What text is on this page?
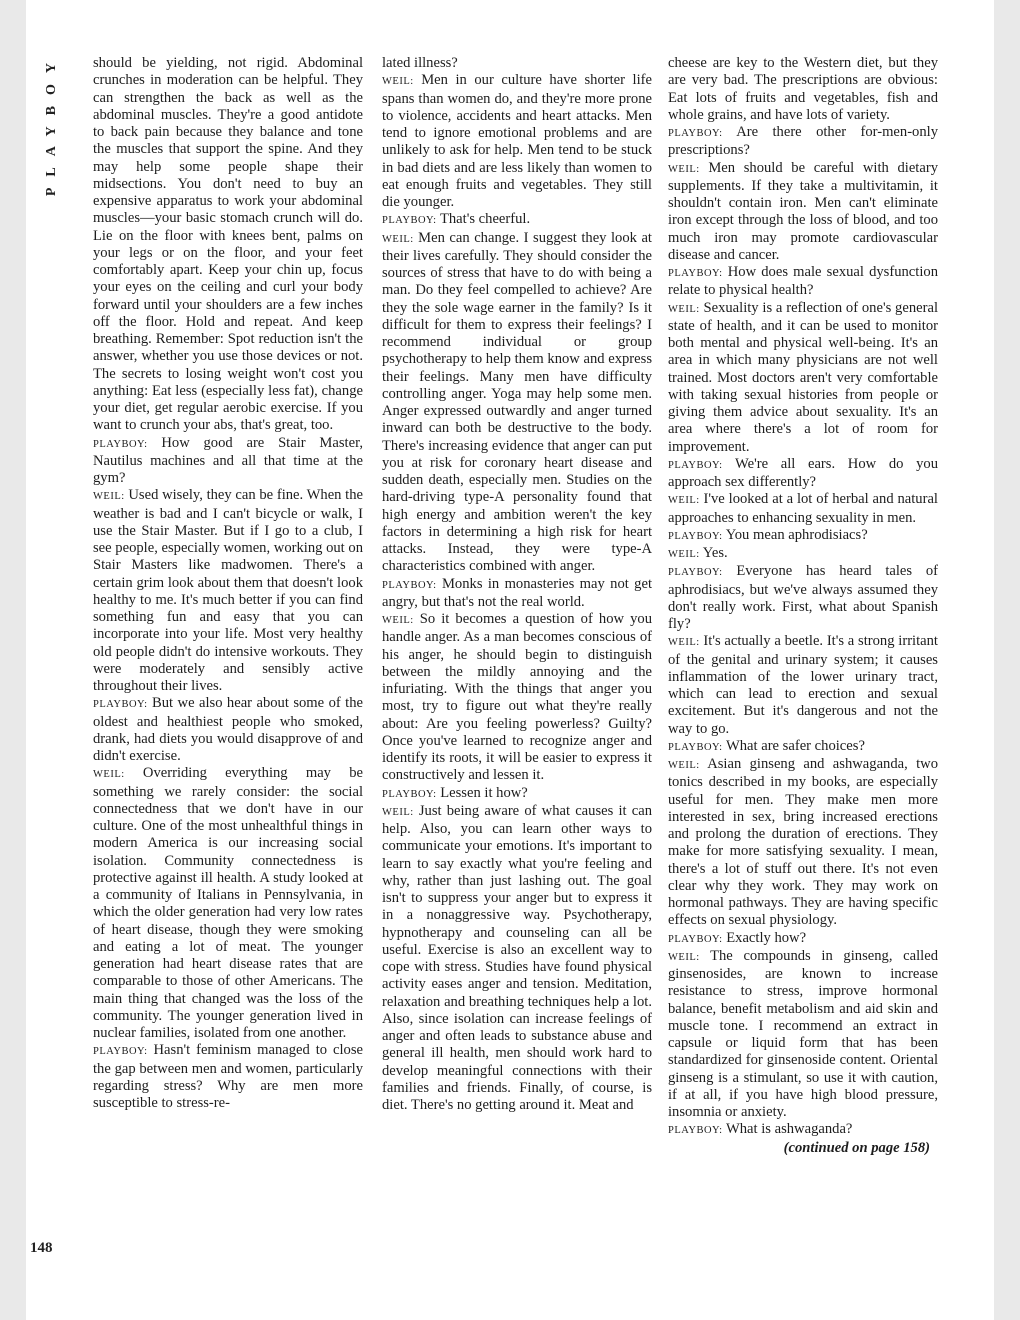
PLAYBOY
148

should be yielding, not rigid. Abdominal crunches in moderation can be helpful. They can strengthen the back as well as the abdominal muscles. They're a good antidote to back pain because they balance and tone the muscles that support the spine. And they may help some people shape their midsections. You don't need to buy an expensive apparatus to work your abdominal muscles—your basic stomach crunch will do. Lie on the floor with knees bent, palms on your legs or on the floor, and your feet comfortably apart. Keep your chin up, focus your eyes on the ceiling and curl your body forward until your shoulders are a few inches off the floor. Hold and repeat. And keep breathing. Remember: Spot reduction isn't the answer, whether you use those devices or not. The secrets to losing weight won't cost you anything: Eat less (especially less fat), change your diet, get regular aerobic exercise. If you want to crunch your abs, that's great, too.

PLAYBOY: How good are Stair Master, Nautilus machines and all that time at the gym?

WEIL: Used wisely, they can be fine. When the weather is bad and I can't bicycle or walk, I use the Stair Master. But if I go to a club, I see people, especially women, working out on Stair Masters like madwomen. There's a certain grim look about them that doesn't look healthy to me. It's much better if you can find something fun and easy that you can incorporate into your life. Most very healthy old people didn't do intensive workouts. They were moderately and sensibly active throughout their lives.

PLAYBOY: But we also hear about some of the oldest and healthiest people who smoked, drank, had diets you would disapprove of and didn't exercise.

WEIL: Overriding everything may be something we rarely consider: the social connectedness that we don't have in our culture. One of the most unhealthful things in modern America is our increasing social isolation. Community connectedness is protective against ill health. A study looked at a community of Italians in Pennsylvania, in which the older generation had very low rates of heart disease, though they were smoking and eating a lot of meat. The younger generation had heart disease rates that are comparable to those of other Americans. The main thing that changed was the loss of the community. The younger generation lived in nuclear families, isolated from one another.

PLAYBOY: Hasn't feminism managed to close the gap between men and women, particularly regarding stress? Why are men more susceptible to stress-re-

lated illness?

WEIL: Men in our culture have shorter life spans than women do, and they're more prone to violence, accidents and heart attacks. Men tend to ignore emotional problems and are unlikely to ask for help. Men tend to be stuck in bad diets and are less likely than women to eat enough fruits and vegetables. They still die younger.

PLAYBOY: That's cheerful.

WEIL: Men can change. I suggest they look at their lives carefully. They should consider the sources of stress that have to do with being a man. Do they feel compelled to achieve? Are they the sole wage earner in the family? Is it difficult for them to express their feelings? I recommend individual or group psychotherapy to help them know and express their feelings. Many men have difficulty controlling anger. Yoga may help some men. Anger expressed outwardly and anger turned inward can both be destructive to the body. There's increasing evidence that anger can put you at risk for coronary heart disease and sudden death, especially men. Studies on the hard-driving type-A personality found that high energy and ambition weren't the key factors in determining a high risk for heart attacks. Instead, they were type-A characteristics combined with anger.

PLAYBOY: Monks in monasteries may not get angry, but that's not the real world.

WEIL: So it becomes a question of how you handle anger. As a man becomes conscious of his anger, he should begin to distinguish between the mildly annoying and the infuriating. With the things that anger you most, try to figure out what they're really about: Are you feeling powerless? Guilty? Once you've learned to recognize anger and identify its roots, it will be easier to express it constructively and lessen it.

PLAYBOY: Lessen it how?

WEIL: Just being aware of what causes it can help. Also, you can learn other ways to communicate your emotions. It's important to learn to say exactly what you're feeling and why, rather than just lashing out. The goal isn't to suppress your anger but to express it in a nonaggressive way. Psychotherapy, hypnotherapy and counseling can all be useful. Exercise is also an excellent way to cope with stress. Studies have found physical activity eases anger and tension. Meditation, relaxation and breathing techniques help a lot. Also, since isolation can increase feelings of anger and often leads to substance abuse and general ill health, men should work hard to develop meaningful connections with their families and friends. Finally, of course, is diet. There's no getting around it. Meat and

cheese are key to the Western diet, but they are very bad. The prescriptions are obvious: Eat lots of fruits and vegetables, fish and whole grains, and have lots of variety.

PLAYBOY: Are there other for-men-only prescriptions?

WEIL: Men should be careful with dietary supplements. If they take a multivitamin, it shouldn't contain iron. Men can't eliminate iron except through the loss of blood, and too much iron may promote cardiovascular disease and cancer.

PLAYBOY: How does male sexual dysfunction relate to physical health?

WEIL: Sexuality is a reflection of one's general state of health, and it can be used to monitor both mental and physical well-being. It's an area in which many physicians are not well trained. Most doctors aren't very comfortable with taking sexual histories from people or giving them advice about sexuality. It's an area where there's a lot of room for improvement.

PLAYBOY: We're all ears. How do you approach sex differently?

WEIL: I've looked at a lot of herbal and natural approaches to enhancing sexuality in men.

PLAYBOY: You mean aphrodisiacs?

WEIL: Yes.

PLAYBOY: Everyone has heard tales of aphrodisiacs, but we've always assumed they don't really work. First, what about Spanish fly?

WEIL: It's actually a beetle. It's a strong irritant of the genital and urinary system; it causes inflammation of the lower urinary tract, which can lead to erection and sexual excitement. But it's dangerous and not the way to go.

PLAYBOY: What are safer choices?

WEIL: Asian ginseng and ashwaganda, two tonics described in my books, are especially useful for men. They make men more interested in sex, bring increased erections and prolong the duration of erections. They make for more satisfying sexuality. I mean, there's a lot of stuff out there. It's not even clear why they work. They may work on hormonal pathways. They are having specific effects on sexual physiology.

PLAYBOY: Exactly how?

WEIL: The compounds in ginseng, called ginsenosides, are known to increase resistance to stress, improve hormonal balance, benefit metabolism and aid skin and muscle tone. I recommend an extract in capsule or liquid form that has been standardized for ginsenoside content. Oriental ginseng is a stimulant, so use it with caution, if at all, if you have high blood pressure, insomnia or anxiety.

PLAYBOY: What is ashwaganda?

(continued on page 158)
